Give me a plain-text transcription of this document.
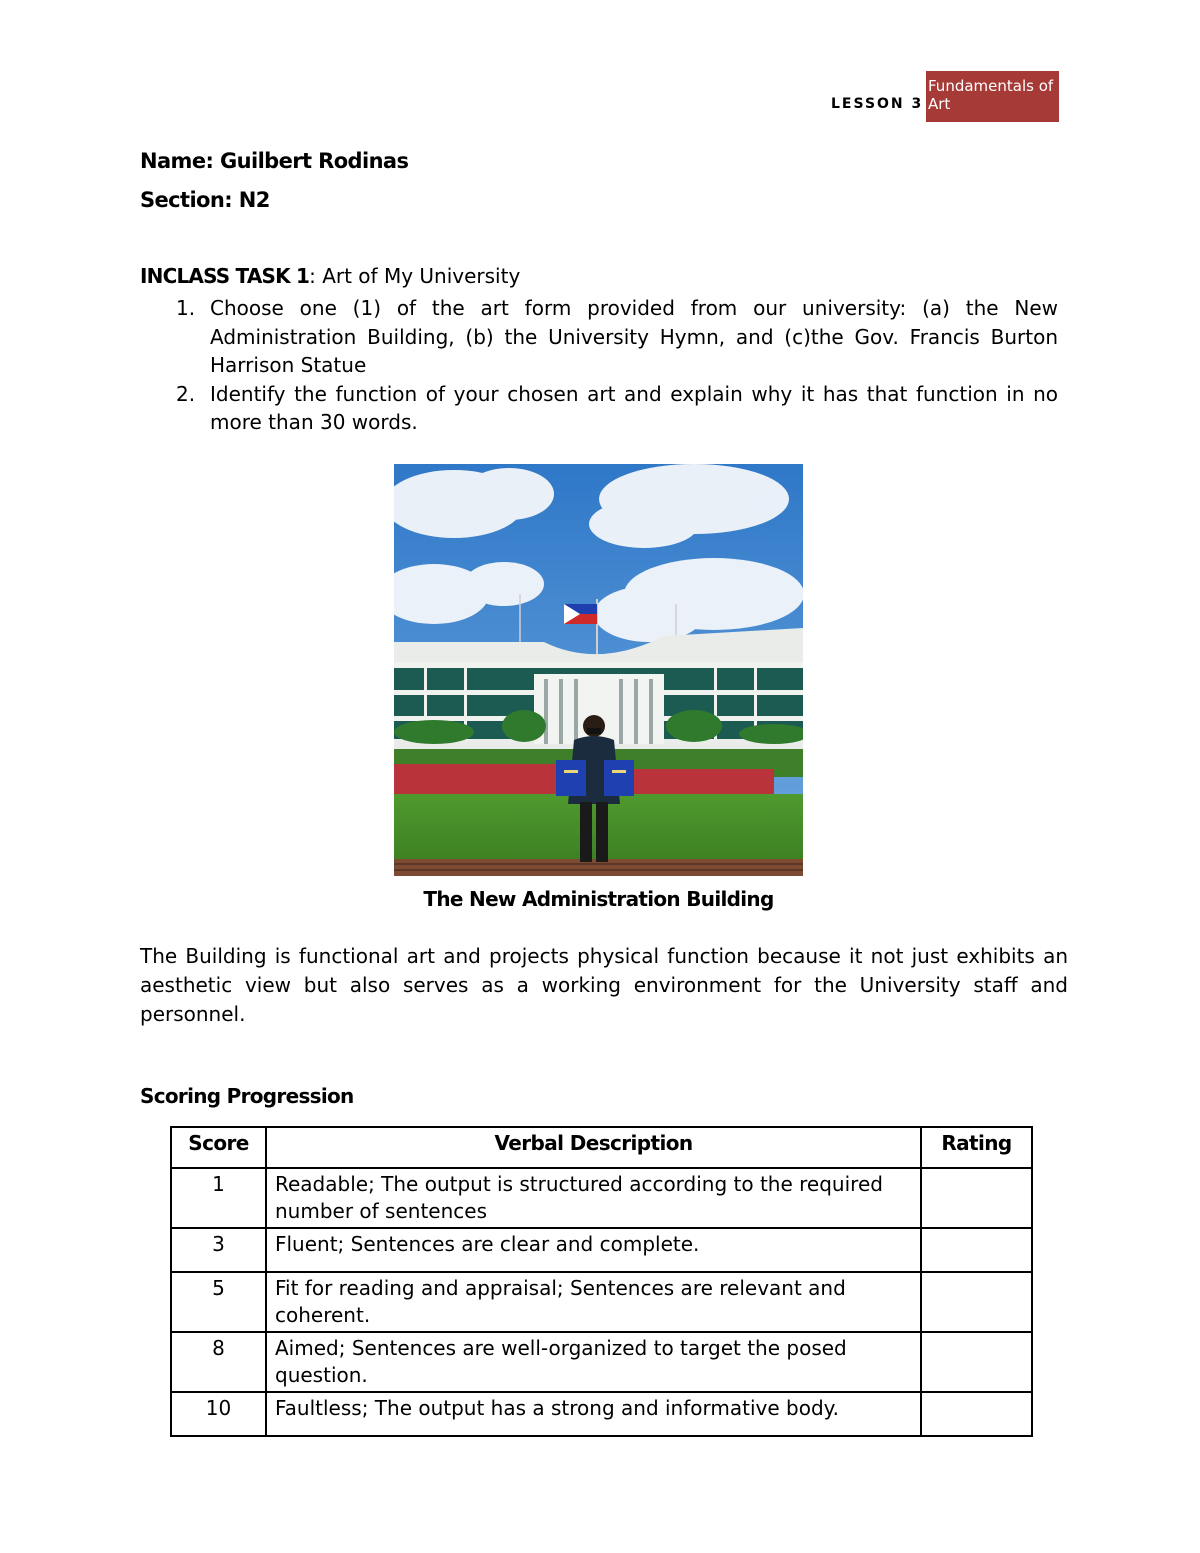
LESSON 3
Fundamentals of Art
Name: Guilbert Rodinas
Section: N2
INCLASS TASK 1: Art of My University
1. Choose one (1) of the art form provided from our university: (a) the New Administration Building, (b) the University Hymn, and (c)the Gov. Francis Burton Harrison Statue
2. Identify the function of your chosen art and explain why it has that function in no more than 30 words.
The New Administration Building

The Building is functional art and projects physical function because it not just exhibits an aesthetic view but also serves as a working environment for the University staff and personnel.

Scoring Progression
Score	Verbal Description	Rating
1	Readable; The output is structured according to the required number of sentences	
3	Fluent; Sentences are clear and complete.	
5	Fit for reading and appraisal; Sentences are relevant and coherent.	
8	Aimed; Sentences are well-organized to target the posed question.	
10	Faultless; The output has a strong and informative body.	
